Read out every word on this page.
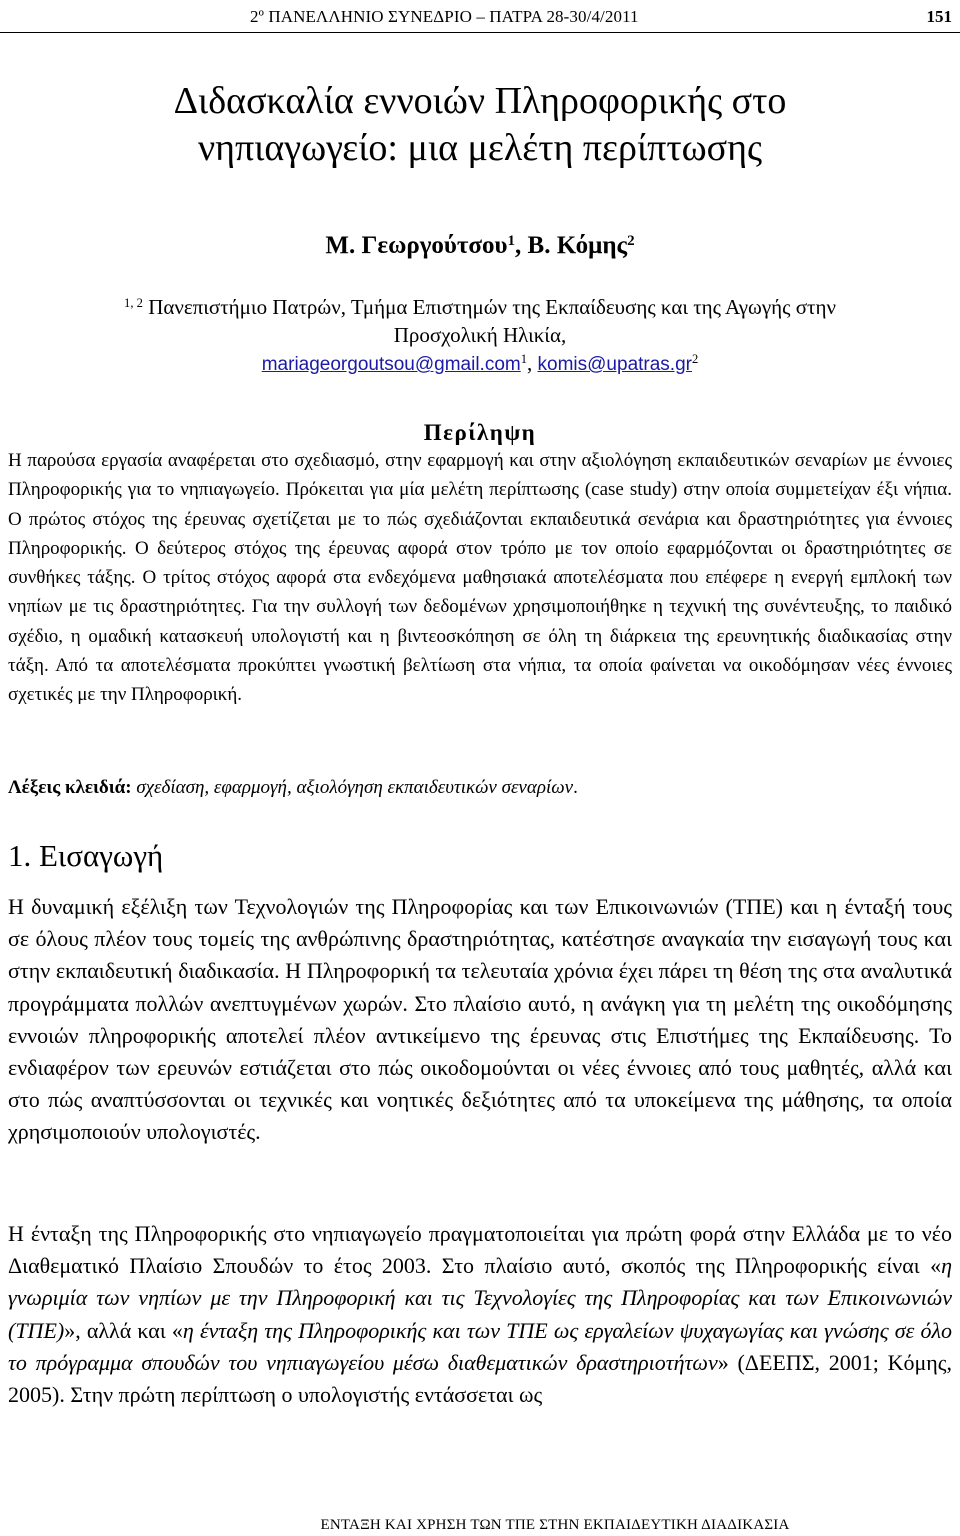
2º ΠΑΝΕΛΛΗΝΙΟ ΣΥΝΕΔΡΙΟ – ΠΑΤΡΑ 28-30/4/2011	151
Διδασκαλία εννοιών Πληροφορικής στο
νηπιαγωγείο: μια μελέτη περίπτωσης
Μ. Γεωργούτσου$^1$, Β. Κόμης$^2$
$^{1, 2}$ Πανεπιστήμιο Πατρών, Τμήμα Επιστημών της Εκπαίδευσης και της Αγωγής στην
Προσχολική Ηλικία,
mariageorgoutsou@gmail.com$^1$, $komis@upatras.gr^2$
Περίληψη

Η παρούσα εργασία αναφέρεται στο σχεδιασμό, στην εφαρμογή και στην αξιολόγηση εκπαιδευτικών σεναρίων με έννοιες Πληροφορικής για το νηπιαγωγείο. Πρόκειται για μία μελέτη περίπτωσης (case study) στην οποία συμμετείχαν έξι νήπια. Ο πρώτος στόχος της έρευνας σχετίζεται με το πώς σχεδιάζονται εκπαιδευτικά σενάρια και δραστηριότητες για έννοιες Πληροφορικής. Ο δεύτερος στόχος της έρευνας αφορά στον τρόπο με τον οποίο εφαρμόζονται οι δραστηριότητες σε συνθήκες τάξης. Ο τρίτος στόχος αφορά στα ενδεχόμενα μαθησιακά αποτελέσματα που επέφερε η ενεργή εμπλοκή των νηπίων με τις δραστηριότητες. Για την συλλογή των δεδομένων χρησιμοποιήθηκε η τεχνική της συνέντευξης, το παιδικό σχέδιο, η ομαδική κατασκευή υπολογιστή και η βιντεοσκόπηση σε όλη τη διάρκεια της ερευνητικής διαδικασίας στην τάξη. Από τα αποτελέσματα προκύπτει γνωστική βελτίωση στα νήπια, τα οποία φαίνεται να οικοδόμησαν νέες έννοιες σχετικές με την Πληροφορική.

Λέξεις κλειδιά: σχεδίαση, εφαρμογή, αξιολόγηση εκπαιδευτικών σεναρίων.

1. Εισαγωγή

Η δυναμική εξέλιξη των Τεχνολογιών της Πληροφορίας και των Επικοινωνιών (ΤΠΕ) και η ένταξή τους σε όλους πλέον τους τομείς της ανθρώπινης δραστηριότητας, κατέστησε αναγκαία την εισαγωγή τους και στην εκπαιδευτική διαδικασία. Η Πληροφορική τα τελευταία χρόνια έχει πάρει τη θέση της στα αναλυτικά προγράμματα πολλών ανεπτυγμένων χωρών. Στο πλαίσιο αυτό, η ανάγκη για τη μελέτη της οικοδόμησης εννοιών πληροφορικής αποτελεί πλέον αντικείμενο της έρευνας στις Επιστήμες της Εκπαίδευσης. Το ενδιαφέρον των ερευνών εστιάζεται στο πώς οικοδομούνται οι νέες έννοιες από τους μαθητές, αλλά και στο πώς αναπτύσσονται οι τεχνικές και νοητικές δεξιότητες από τα υποκείμενα της μάθησης, τα οποία χρησιμοποιούν υπολογιστές.

Η ένταξη της Πληροφορικής στο νηπιαγωγείο πραγματοποιείται για πρώτη φορά στην Ελλάδα με το νέο Διαθεματικό Πλαίσιο Σπουδών το έτος 2003. Στο πλαίσιο αυτό, σκοπός της Πληροφορικής είναι «η γνωριμία των νηπίων με την Πληροφορική και τις Τεχνολογίες της Πληροφορίας και των Επικοινωνιών (ΤΠΕ)», αλλά και «η ένταξη της Πληροφορικής και των ΤΠΕ ως εργαλείων ψυχαγωγίας και γνώσης σε όλο το πρόγραμμα σπουδών του νηπιαγωγείου μέσω διαθεματικών δραστηριοτήτων» (ΔΕΕΠΣ, 2001; Κόμης, 2005). Στην πρώτη περίπτωση ο υπολογιστής εντάσσεται ως

ΕΝΤΑΞΗ ΚΑΙ ΧΡΗΣΗ ΤΩΝ ΤΠΕ ΣΤΗΝ ΕΚΠΑΙΔΕΥΤΙΚΗ ΔΙΑΔΙΚΑΣΙΑ
